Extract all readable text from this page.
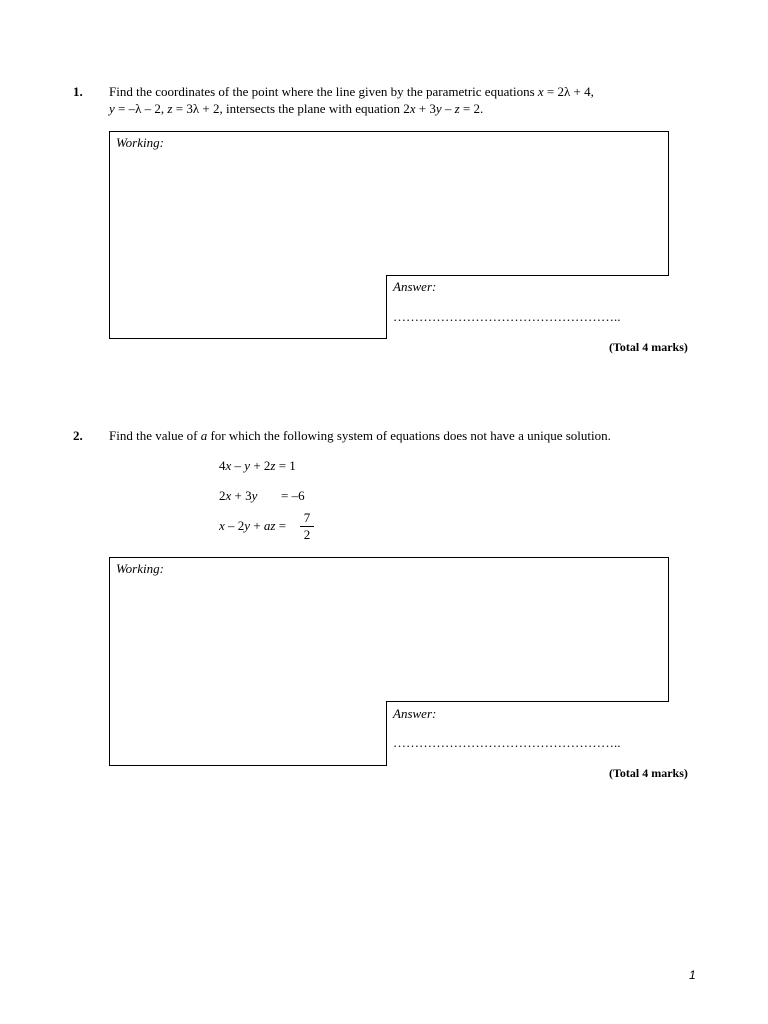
1. Find the coordinates of the point where the line given by the parametric equations x = 2λ + 4,
y = –λ – 2, z = 3λ + 2, intersects the plane with equation 2x + 3y – z = 2.
Working:
Answer:
……………………………………………..
(Total 4 marks)
2. Find the value of a for which the following system of equations does not have a unique solution.
4x – y + 2z = 1
2x + 3y = –6
x – 2y + az =
7
2
Working:
Answer:
……………………………………………..
(Total 4 marks)
1
